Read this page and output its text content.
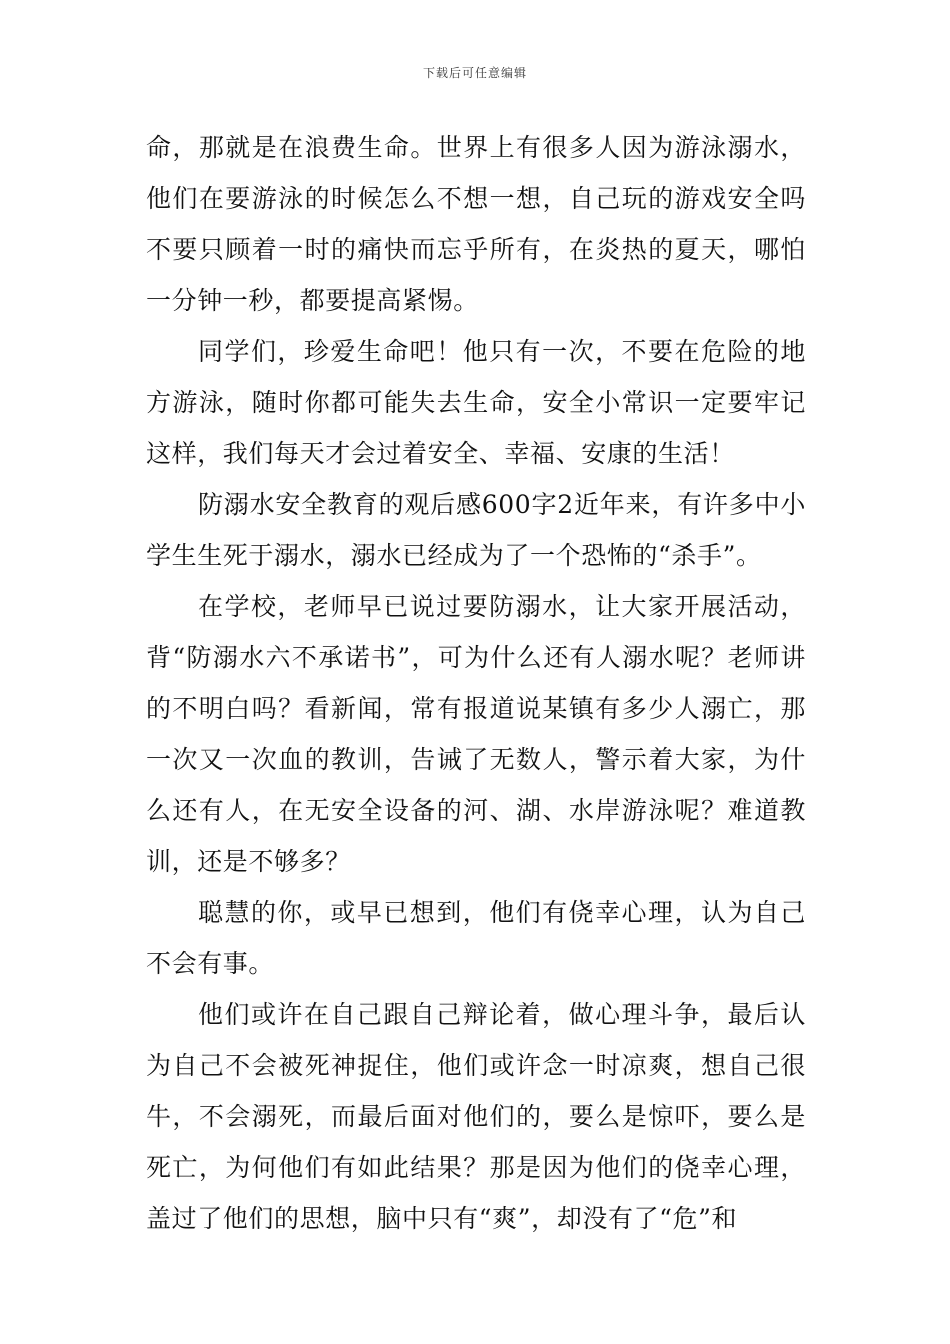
下载后可任意编辑

命，那就是在浪费生命。世界上有很多人因为游泳溺水，他们在要游泳的时候怎么不想一想，自己玩的游戏安全吗不要只顾着一时的痛快而忘乎所有，在炎热的夏天，哪怕一分钟一秒，都要提高紧惕。

同学们，珍爱生命吧！他只有一次，不要在危险的地方游泳，随时你都可能失去生命，安全小常识一定要牢记这样，我们每天才会过着安全、幸福、安康的生活！

防溺水安全教育的观后感600字2近年来，有许多中小学生生死于溺水，溺水已经成为了一个恐怖的“杀手”。

在学校，老师早已说过要防溺水，让大家开展活动，背“防溺水六不承诺书”，可为什么还有人溺水呢？老师讲的不明白吗？看新闻，常有报道说某镇有多少人溺亡，那一次又一次血的教训，告诫了无数人，警示着大家，为什么还有人，在无安全设备的河、湖、水岸游泳呢？难道教训，还是不够多？

聪慧的你，或早已想到，他们有侥幸心理，认为自己不会有事。

他们或许在自己跟自己辩论着，做心理斗争，最后认为自己不会被死神捉住，他们或许念一时凉爽，想自己很牛，不会溺死，而最后面对他们的，要么是惊吓，要么是死亡，为何他们有如此结果？那是因为他们的侥幸心理，盖过了他们的思想，脑中只有“爽”，却没有了“危”和
